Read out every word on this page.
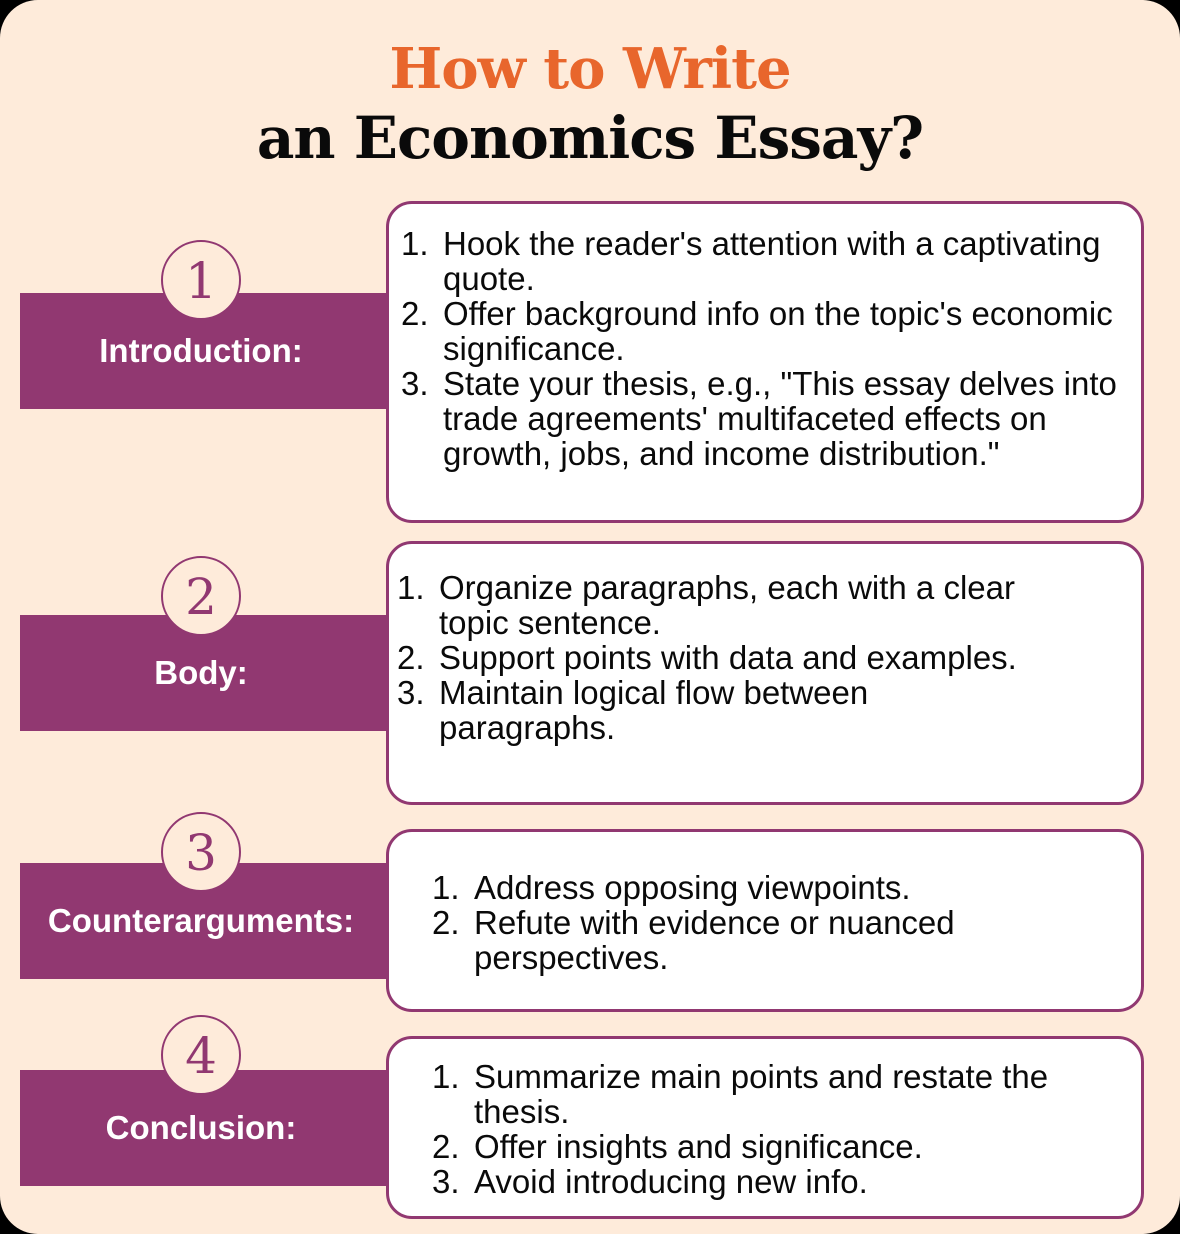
How to Write
an Economics Essay?
1
Introduction:
1. Hook the reader's attention with a captivating quote.
2. Offer background info on the topic's economic significance.
3. State your thesis, e.g., "This essay delves into trade agreements' multifaceted effects on growth, jobs, and income distribution."
2
Body:
1. Organize paragraphs, each with a clear topic sentence.
2. Support points with data and examples.
3. Maintain logical flow between paragraphs.
3
Counterarguments:
1. Address opposing viewpoints.
2. Refute with evidence or nuanced perspectives.
4
Conclusion:
1. Summarize main points and restate the thesis.
2. Offer insights and significance.
3. Avoid introducing new info.
